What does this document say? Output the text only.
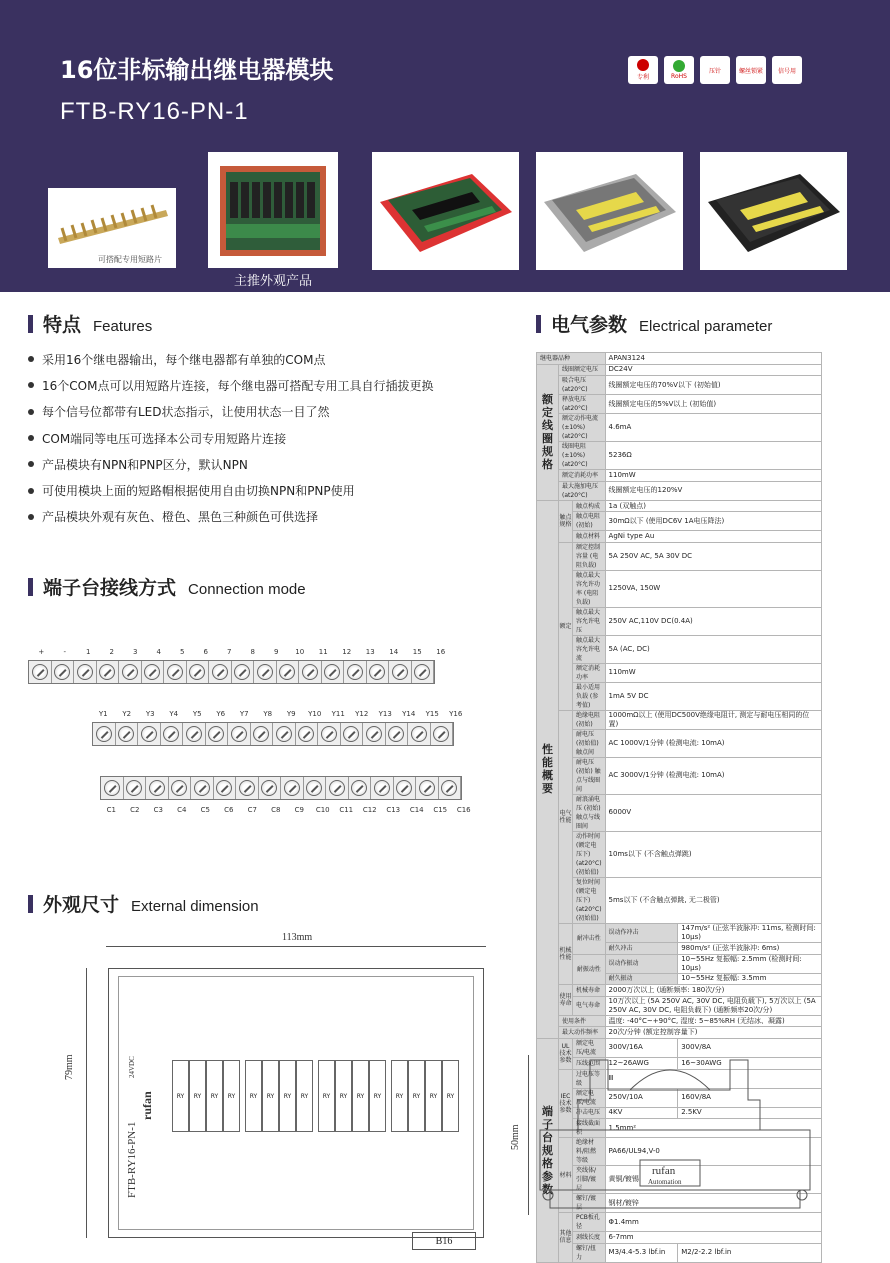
16位非标输出继电器模块
FTB-RY16-PN-1
专利	RoHS
压针	螺丝锁紧 信号用
可搭配专用短路片
主推外观产品
特点 Features
采用16个继电器输出，每个继电器都有单独的COM点
16个COM点可以用短路片连接，每个继电器可搭配专用工具自行插拔更换
每个信号位都带有LED状态指示，让使用状态一目了然
COM端同等电压可选择本公司专用短路片连接
产品模块有NPN和PNP区分，默认NPN
可使用模块上面的短路帽根据使用自由切换NPN和PNP使用
产品模块外观有灰色、橙色、黑色三种颜色可供选择
电气参数 Electrical parameter
继电器品种			APAN3124	
额定线圈规格	线圈额定电压		DC24V	
	吸合电压(at20°C)		线圈额定电压的70%V以下 (初始值)	
	释放电压(at20°C)		线圈额定电压的5%V以上 (初始值)	
	额定动作电流 (±10%)(at20°C)		4.6mA	
	线圈电阻 (±10%) (at20°C)		5236Ω	
	额定消耗功率		110mW	
	最大施加电压(at20°C)		线圈额定电压的120%V	
性能概要	触点规格	触点构成	1a (双触点)	
		触点电阻 (初始)	30mΩ以下 (使用DC6V 1A电压降法)	
		触点材料	AgNi type Au	
	额定	额定控制容量 (电阻负载)	5A 250V AC, 5A 30V DC	
		触点最大容允许功率 (电阻负载)	1250VA, 150W	
		触点最大容允许电压	250V AC,110V DC(0.4A)	
		触点最大容允许电流	5A (AC, DC)	
		额定消耗功率	110mW	
		最小适用负载 (参考值)	1mA 5V DC	
	电气性能	绝缘电阻 (初始)	1000mΩ以上 (使用DC500V绝缘电阻计, 测定与耐电压相同的位置)	
		耐电压 (初始值) 触点间	AC 1000V/1分钟 (检测电流: 10mA)	
		耐电压 (初始) 触点与线圈间	AC 3000V/1分钟 (检测电流: 10mA)	
		耐浪涌电压 (初始) 触点与线圈间	6000V	
		动作时间 (额定电压下)(at20°C) (初始值)	10ms以下 (不含触点弹跳)	
		复位时间 (额定电压下)(at20°C) (初始值)	5ms以下 (不含触点弹跳, 无二极管)	
	机械性能	耐冲击性	误动作冲击	147m/s² (正弦半波脉冲: 11ms, 检测时间: 10μs)
			耐久冲击	980m/s² (正弦半波脉冲: 6ms)
		耐振动性	误动作振动	10~55Hz 复振幅: 2.5mm (检测时间: 10μs)
			耐久振动	10~55Hz 复振幅: 3.5mm
	使用寿命	机械寿命	2000万次以上 (通断频率: 180次/分)	
		电气寿命	10万次以上 (5A 250V AC, 30V DC, 电阻负载下), 5万次以上 (5A 250V AC, 30V DC, 电阻负载下) (通断频率20次/分)	
	使用条件		温度: -40°C~+90°C, 湿度: 5~85%RH (无结冰、凝露)	
	最大动作频率		20次/分钟 (额定控制容量下)	
端子台规格参数	UL技术参数	额定电压/电流	300V/16A	300V/8A
		压线范围	12~26AWG	16~30AWG
	IEC技术参数	过电压等级	Ⅲ	
		额定电压/电流	250V/10A	160V/8A
		冲击电压	4KV	2.5KV
		接线截面积	1.5mm²	
	材料	绝缘材料/阻燃等级	PA66/UL94,V-0	
		夹线体/引脚/镀层	黄铜/镀锡	
		螺钉/镀层	钢材/镀锌	
	其他信息	PCB板孔径	Φ1.4mm	
		剥线长度	6-7mm	
		螺钉/扭力	M3/4.4-5.3 lbf.in	M2/2-2.2 lbf.in
端子台接线方式 Connection mode
+	-	1	2	3	4	5	6	7	8	9	10	11	12	13	14	15	16
Y1	Y2	Y3	Y4	Y5	Y6	Y7	Y8	Y9	Y10	Y11	Y12	Y13	Y14	Y15	Y16
C1	C2	C3	C4	C5	C6	C7	C8	C9	C10	C11	C12	C13	C14	C15	C16
外观尺寸 External dimension
113mm
79mm
FTB-RY16-PN-1
24VDC
rufan	RY	RY	RY	RY	RY	RY	RY	RY	RY	RY	RY	RY	RY	RY	RY	RY
B16
50mm
rufan
Automation
